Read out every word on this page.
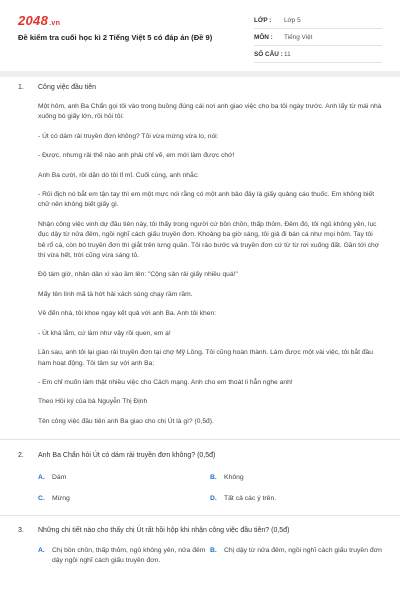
2048.vn
Đề kiểm tra cuối học kì 2 Tiếng Việt 5 có đáp án (Đề 9)
LỚP :	Lớp 5
MÔN :	Tiếng Việt
SỐ CÂU : 11
1.	Công việc đầu tiên

Một hôm, anh Ba Chẩn gọi tôi vào trong buồng đúng cái nơi anh giao việc cho ba tôi ngày trước. Anh lấy từ mái nhà xuống bó giấy lớn, rồi hỏi tôi:

- Út có dám rải truyền đơn không? Tôi vừa mừng vừa lo, nói:

- Được, nhưng rải thế nào anh phải chỉ vẽ, em mới làm được chớ!

Anh Ba cười, rồi dặn dò tôi tỉ mỉ. Cuối cùng, anh nhắc:

- Rủi địch nó bắt em tận tay thì em một mực nói rằng có một anh bảo đây là giấy quảng cáo thuốc. Em không biết chữ nên không biết giấy gì.

Nhận công việc vinh dự đầu tiên này, tôi thấy trong người cứ bồn chồn, thấp thỏm. Đêm đó, tôi ngủ không yên, lục đục dậy từ nửa đêm, ngồi nghĩ cách giấu truyền đơn. Khoảng ba giờ sáng, tôi giả đi bán cá như mọi hôm. Tay tôi bê rổ cá, còn bó truyền đơn thì giắt trên lưng quần. Tôi rảo bước và truyền đơn cứ từ từ rơi xuống đất. Gần tới chợ thì vừa hết, trời cũng vừa sáng tỏ.

Độ tám giờ, nhân dân xì xào ầm lên: "Cộng sản rải giấy nhiều quá!"

Mấy tên lính mã tà hớt hải xách súng chạy rầm rầm.

Về đến nhà, tôi khoe ngay kết quả với anh Ba. Anh tôi khen:

- Út khá lắm, cứ làm như vậy rồi quen, em ạ!

Lần sau, anh tôi lại giao rải truyền đơn tại chợ Mỹ Lồng. Tôi cũng hoàn thành. Làm được một vài việc, tôi bắt đầu ham hoạt động. Tôi tâm sự với anh Ba:

- Em chỉ muốn làm thật nhiều việc cho Cách mạng. Anh cho em thoát li hẳn nghe anh!

Theo Hồi ký của bà Nguyễn Thị Định

Tên công việc đầu tiên anh Ba giao cho chị Út là gì? (0,5đ).

2.	Anh Ba Chẩn hỏi Út có dám rải truyền đơn không? (0,5đ)
A.	Dám	B.	Không
C.	Mừng	D.	Tất cả các ý trên.
3.	Những chi tiết nào cho thấy chị Út rất hồi hộp khi nhận công việc đầu tiên? (0,5đ)
A.	Chị bồn chồn, thấp thỏm, ngủ không yên, nửa đêm dậy ngồi nghĩ cách giấu truyền đơn.
B.	Chị dậy từ nửa đêm, ngồi nghĩ cách giấu truyền đơn
